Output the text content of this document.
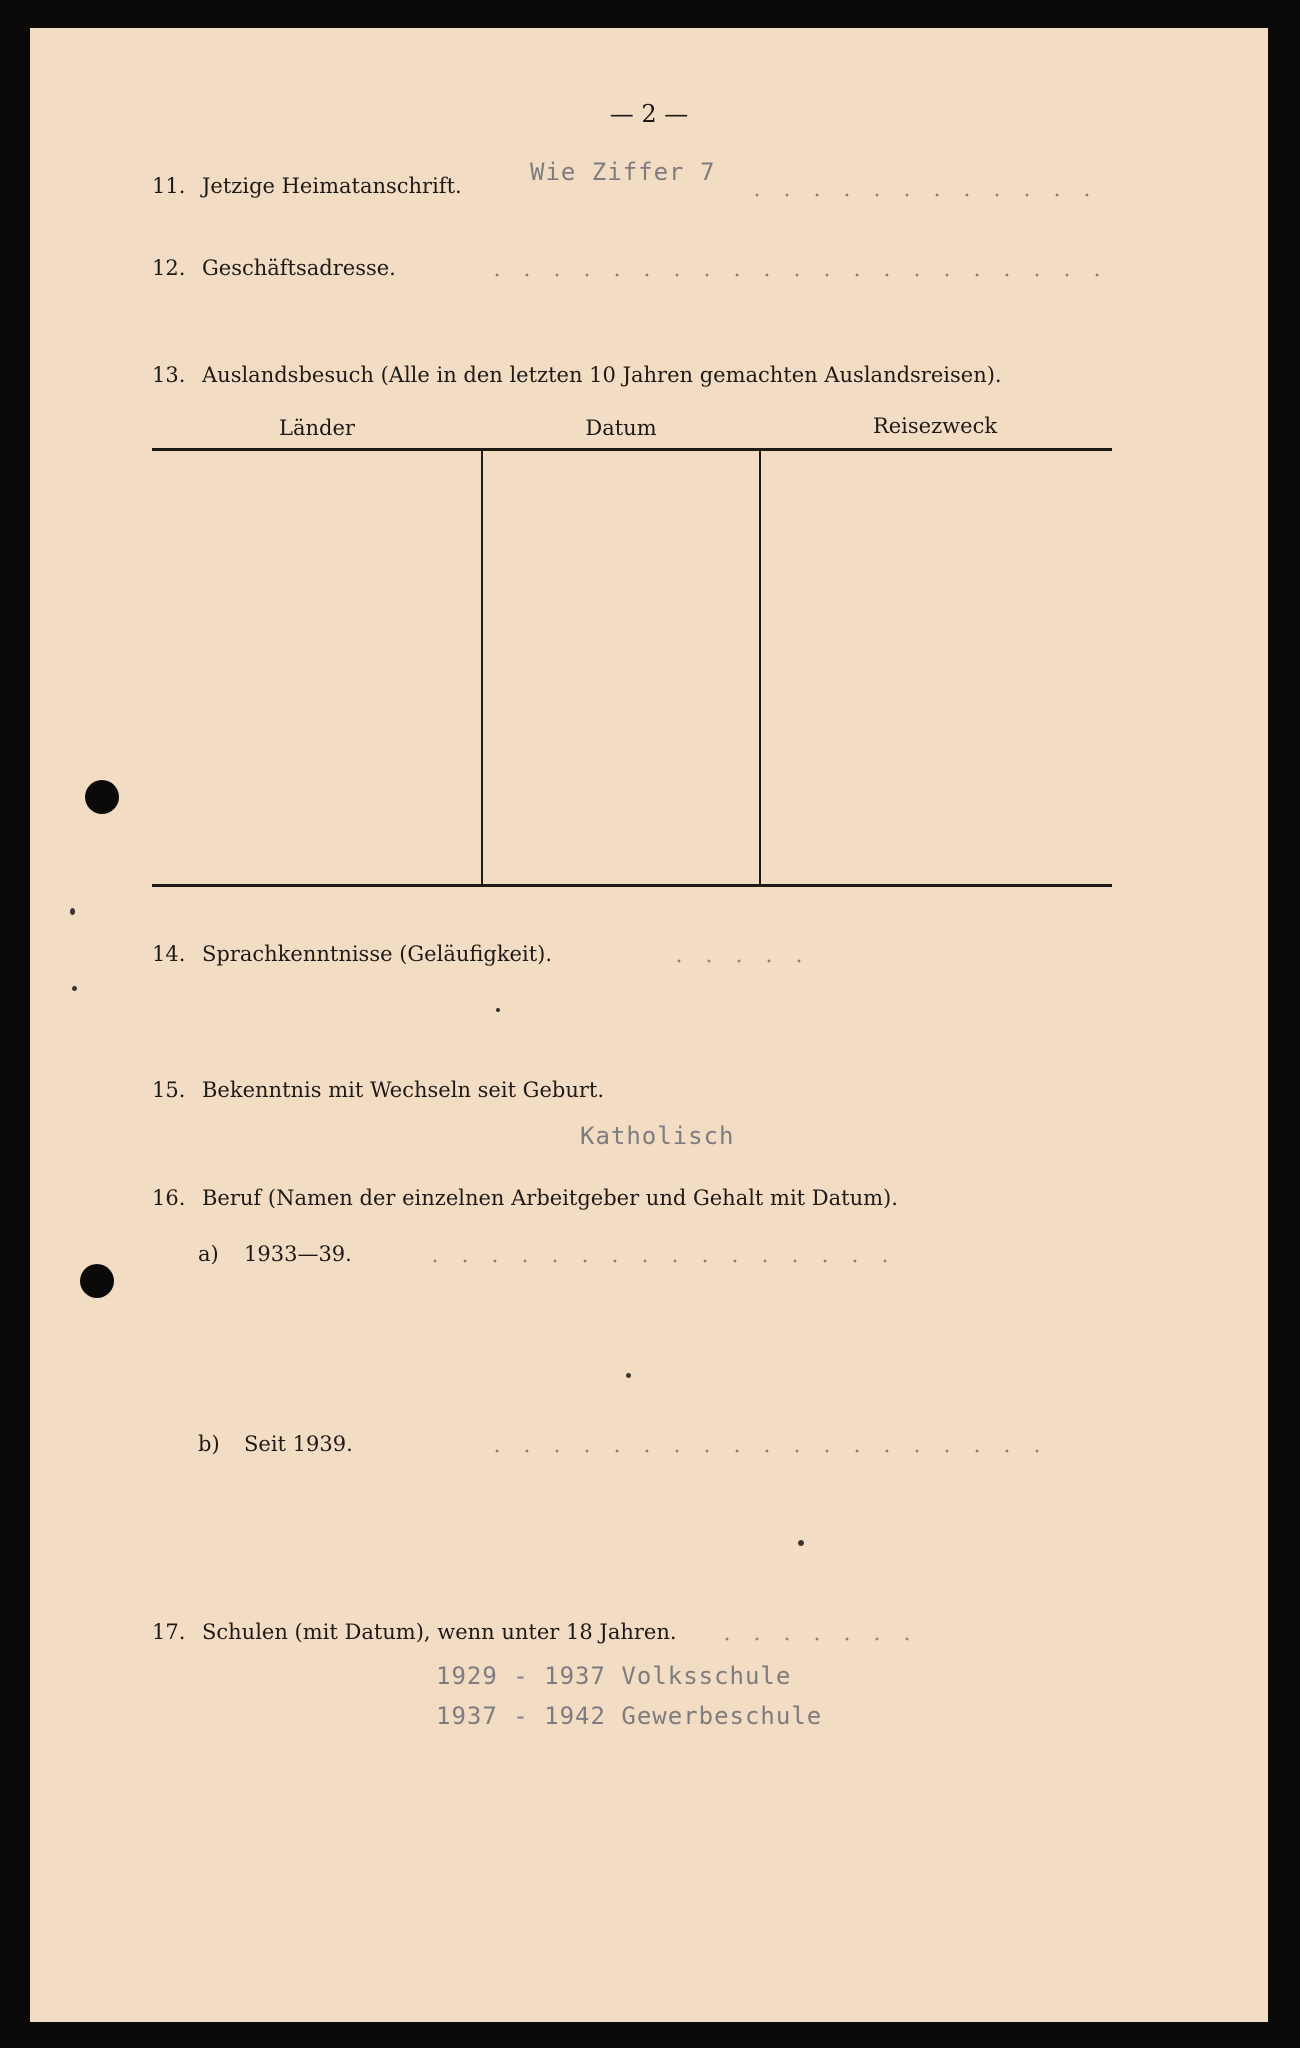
— 2 —
11. Jetzige Heimatanschrift.	Wie Ziffer 7
12. Geschäftsadresse.
13. Auslandsbesuch (Alle in den letzten 10 Jahren gemachten Auslandsreisen).
Länder	Datum	Reisezweck
14. Sprachkenntnisse (Geläufigkeit).
15. Bekenntnis mit Wechseln seit Geburt.
Katholisch
16. Beruf (Namen der einzelnen Arbeitgeber und Gehalt mit Datum).
a) 1933—39.
b) Seit 1939.
17. Schulen (mit Datum), wenn unter 18 Jahren.
1929 - 1937 Volksschule
1937 - 1942 Gewerbeschule
